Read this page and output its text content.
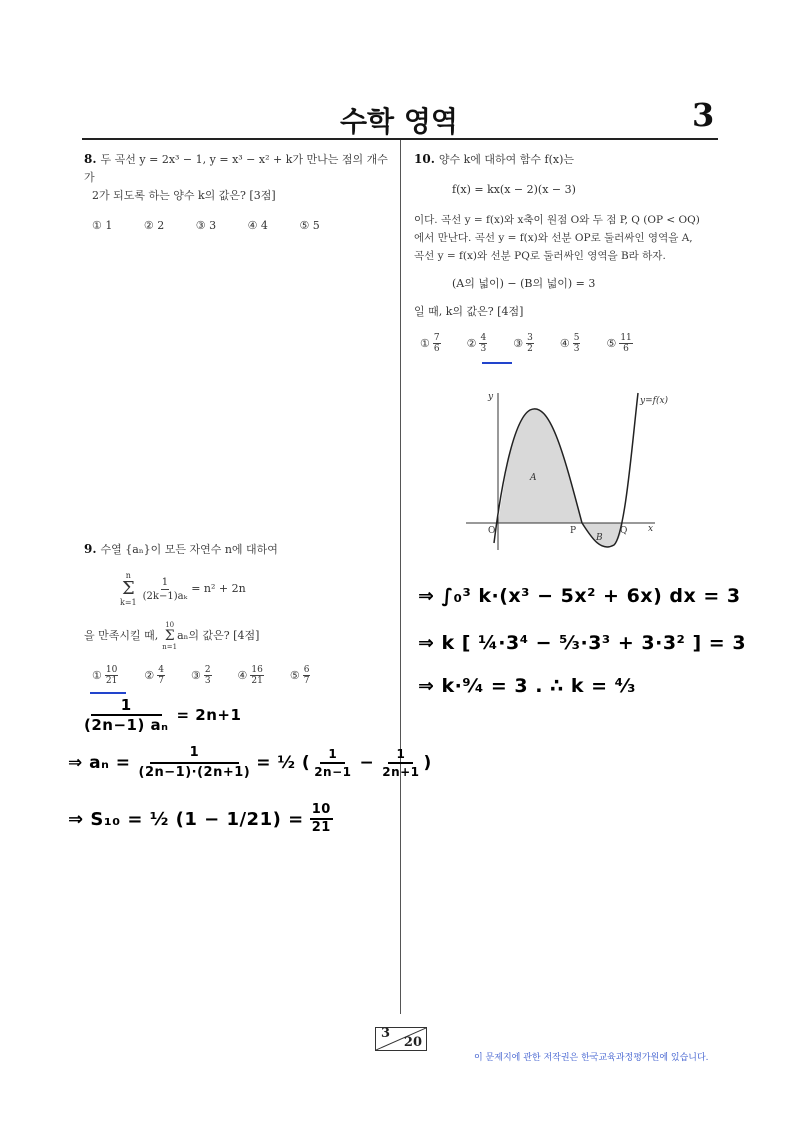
수학 영역	3
8. 두 곡선 y = 2x³ − 1, y = x³ − x² + k가 만나는 점의 개수가
2가 되도록 하는 양수 k의 값은? [3점]
① 1	② 2	③ 3	④ 4	⑤ 5
9. 수열 {aₙ}이 모든 자연수 n에 대하여
n
Σ
$k=1 \frac{1}{\text{(2k−1)aₖ}} = n^2 + 2n$
을 만족시킬 때,
10
Σ
n=1
aₙ 의 값은? [4점]
① $\frac{10}{21}$ ② $\frac{4}{7}$ ③ $\frac{2}{3}$ ④ $\frac{16}{21}$ ⑤ $\frac{6}{7}$
$\frac{1}{\text{(2n−1) aₙ}} = 2n+1$
⇒ $a_n = \frac{1}{(2n-1)\cdot(2n+1)}$ = ½ (	1
$2n-1 - \frac{1}{2n+1}$ )
⇒ S₁₀ = ½ $(1 - 1/21) = \frac{10}{21}$
10. 양수 k에 대하여 함수 f(x)는
f(x) = kx(x − 2)(x − 3)
이다. 곡선 y = f(x)와 x축이 원점 O와 두 점 P, Q (OP < OQ)
에서 만난다. 곡선 y = f(x)와 선분 OP로 둘러싸인 영역을 A,
곡선 y = f(x)와 선분 PQ로 둘러싸인 영역을 B라 하자.
(A의 넓이) − (B의 넓이) = 3
일 때, k의 값은? [4점]
① $\frac{7}{6}$ ② $\frac{4}{3}$ ③ $\frac{3}{2}$ ④ $\frac{5}{3}$ ⑤ $\frac{11}{6}$
y
x
y=f(x)
O	P	Q
A
B
⇒ ∫₀³ k·(x³ − 5x² + 6x) dx = 3
⇒ k [ ¼·3⁴ − ⁵⁄₃·3³ + 3·3² ] = 3
⇒ k·⁹⁄₄ = 3 . ∴ k = ⁴⁄₃
3
20
이 문제지에 관한 저작권은 한국교육과정평가원에 있습니다.
